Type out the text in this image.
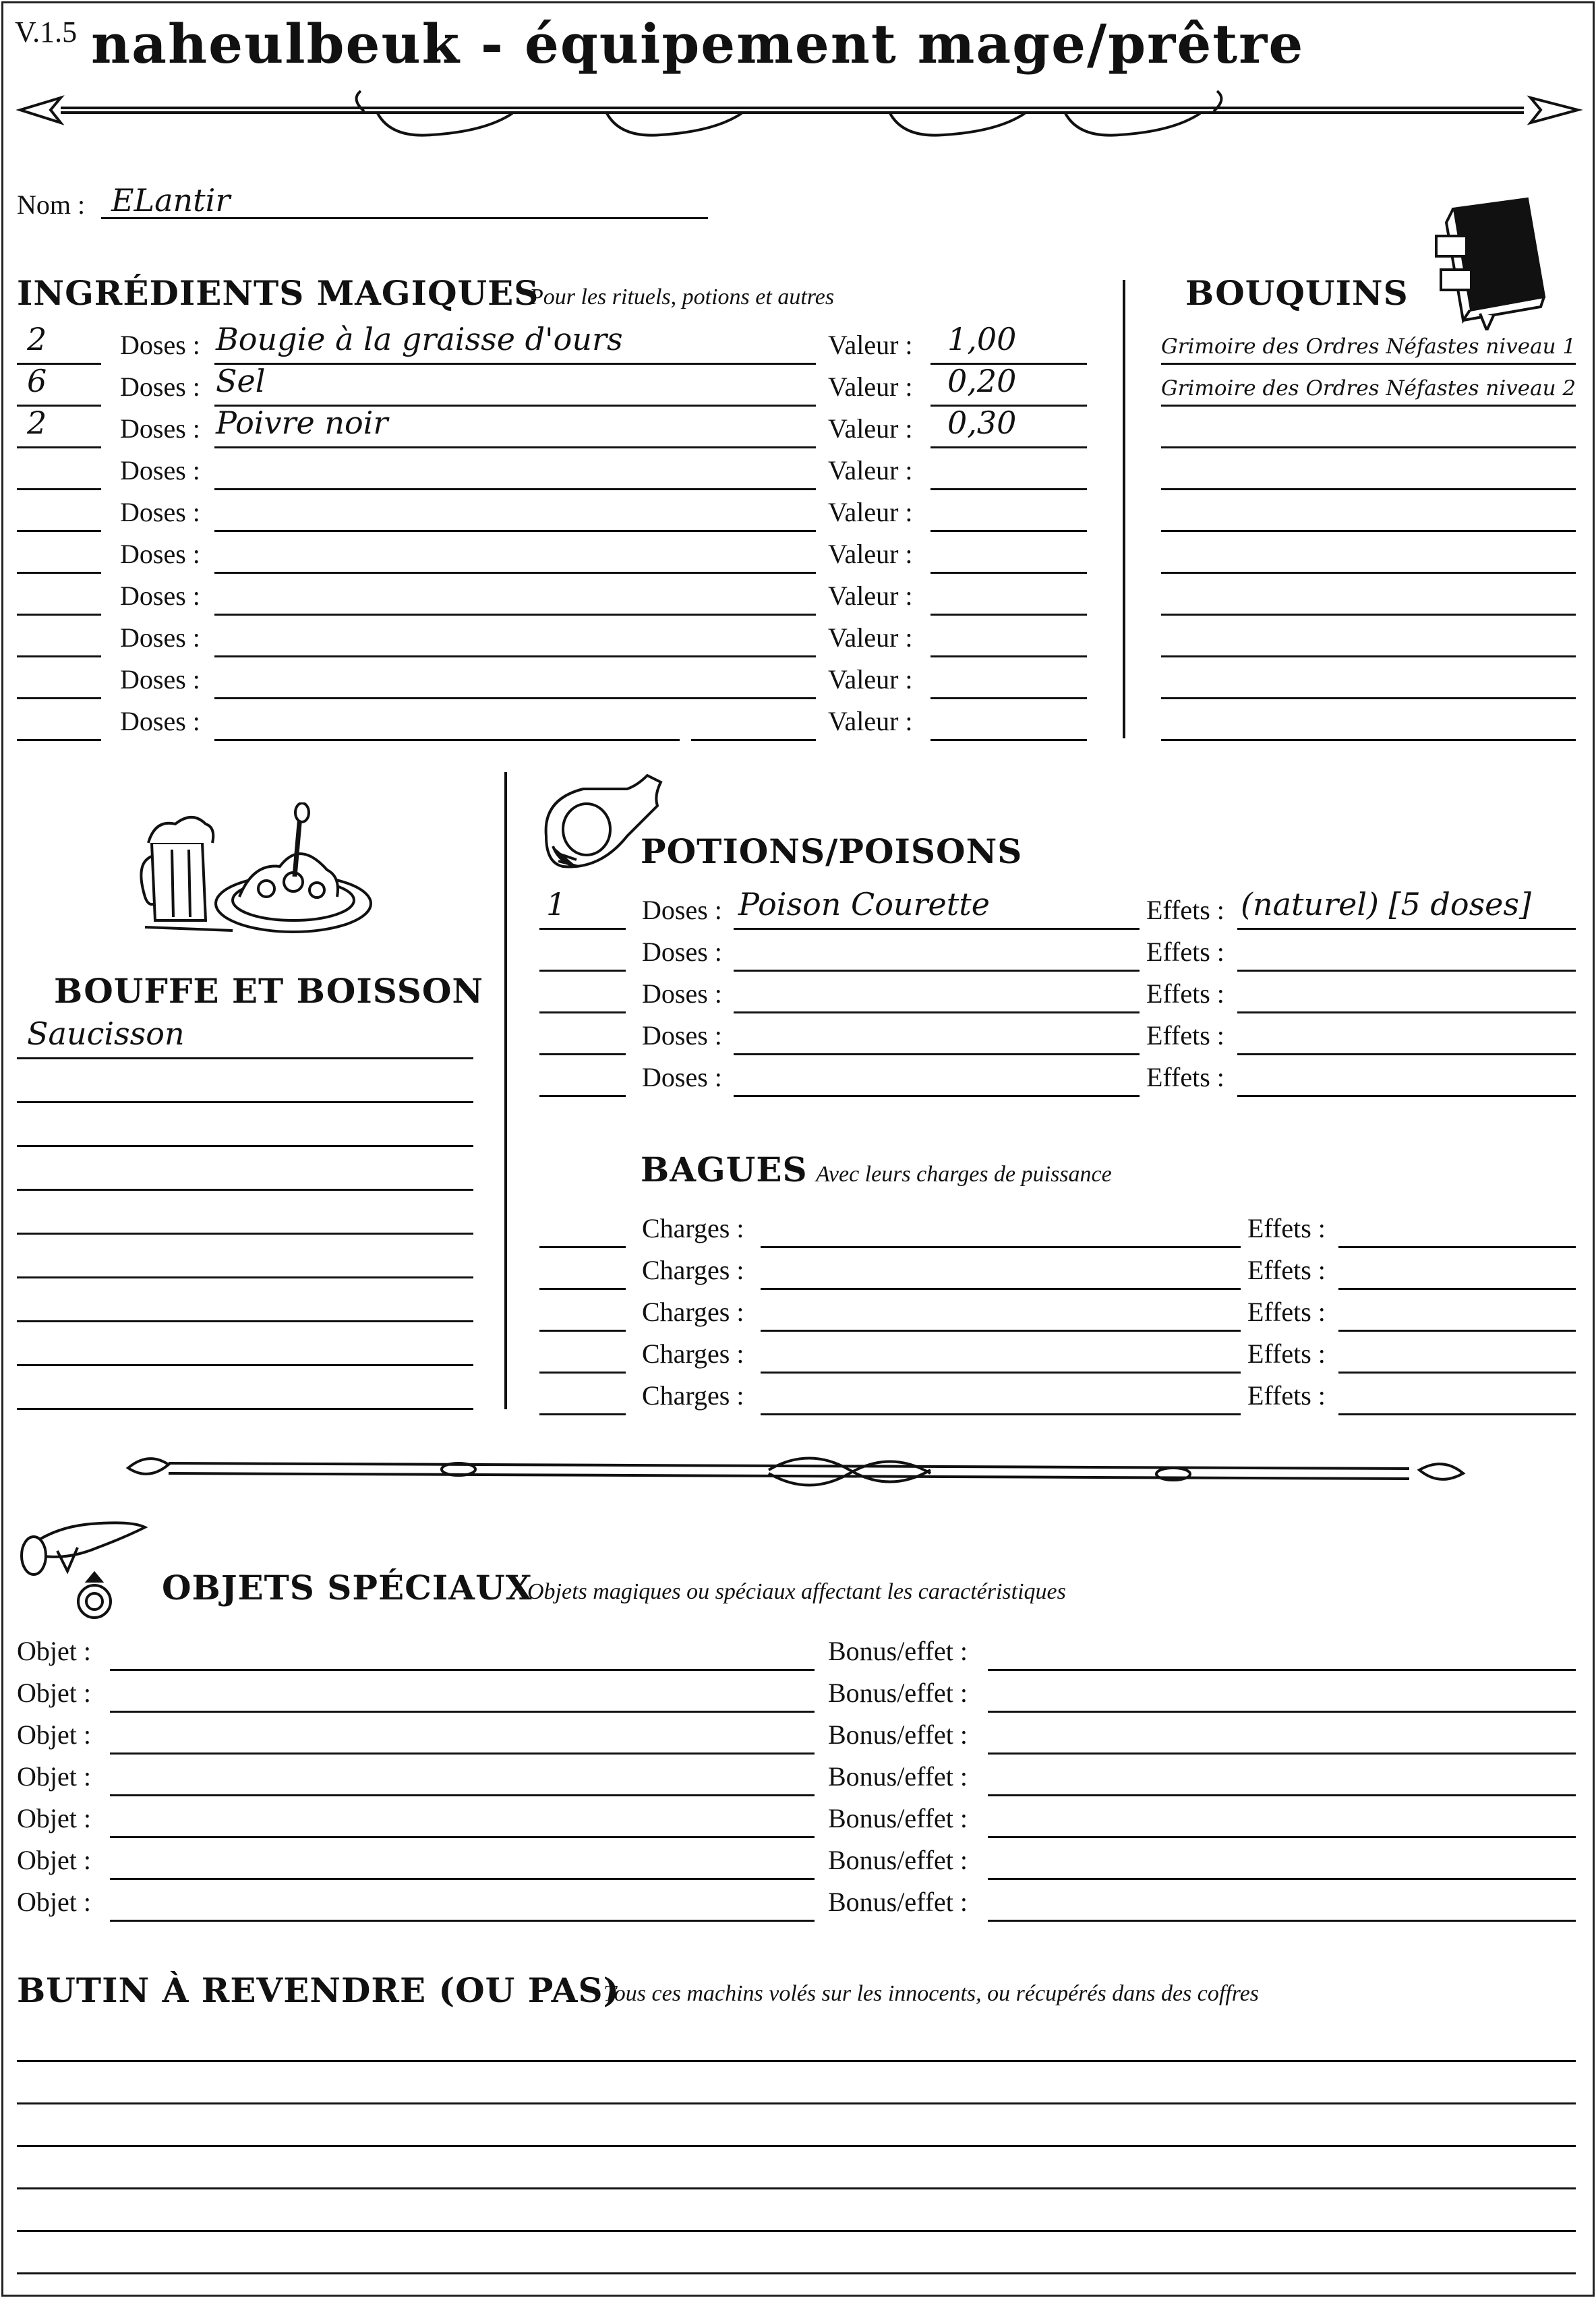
V.1.5 naheulbeuk - équipement mage/prêtre
Nom : ELantir
INGRÉDIENTS MAGIQUES
Pour les rituels, potions et autres
2	Doses : Bougie à la graisse d'ours	Valeur : 1,00
6	Doses : Sel	Valeur : 0,20
2	Doses : Poivre noir	Valeur : 0,30
Doses :	Valeur :
Doses :	Valeur :
Doses :	Valeur :
Doses :	Valeur :
Doses :	Valeur :
Doses :	Valeur :
Doses :	Valeur :
BOUQUINS
Grimoire des Ordres Néfastes niveau 1
Grimoire des Ordres Néfastes niveau 2
BOUFFE ET BOISSON
Saucisson
POTIONS/POISONS
1	Doses : Poison Courette	Effets : (naturel) [5 doses]
Doses :	Effets :
Doses :	Effets :
Doses :	Effets :
Doses :	Effets :
BAGUES Avec leurs charges de puissance
Charges :	Effets :
Charges :	Effets :
Charges :	Effets :
Charges :	Effets :
Charges :	Effets :
OBJETS SPÉCIAUX
Objets magiques ou spéciaux affectant les caractéristiques
Objet :	Bonus/effet :
Objet :	Bonus/effet :
Objet :	Bonus/effet :
Objet :	Bonus/effet :
Objet :	Bonus/effet :
Objet :	Bonus/effet :
Objet :	Bonus/effet :
BUTIN À REVENDRE (OU PAS)
Tous ces machins volés sur les innocents, ou récupérés dans des coffres
